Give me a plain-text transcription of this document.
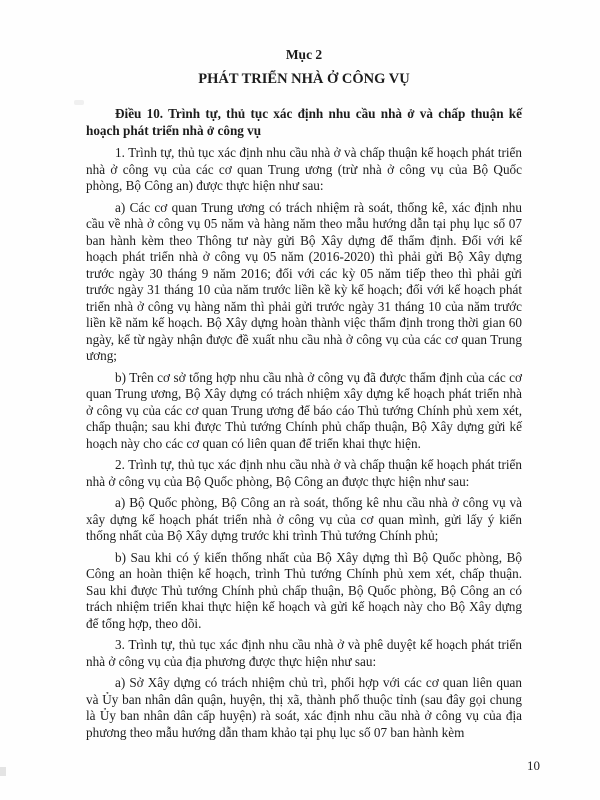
Mục 2
PHÁT TRIỂN NHÀ Ở CÔNG VỤ

Điều 10. Trình tự, thủ tục xác định nhu cầu nhà ở và chấp thuận kế hoạch phát triển nhà ở công vụ

1. Trình tự, thủ tục xác định nhu cầu nhà ở và chấp thuận kế hoạch phát triển nhà ở công vụ của các cơ quan Trung ương (trừ nhà ở công vụ của Bộ Quốc phòng, Bộ Công an) được thực hiện như sau:

a) Các cơ quan Trung ương có trách nhiệm rà soát, thống kê, xác định nhu cầu về nhà ở công vụ 05 năm và hàng năm theo mẫu hướng dẫn tại phụ lục số 07 ban hành kèm theo Thông tư này gửi Bộ Xây dựng để thẩm định. Đối với kế hoạch phát triển nhà ở công vụ 05 năm (2016-2020) thì phải gửi Bộ Xây dựng trước ngày 30 tháng 9 năm 2016; đối với các kỳ 05 năm tiếp theo thì phải gửi trước ngày 31 tháng 10 của năm trước liền kề kỳ kế hoạch; đối với kế hoạch phát triển nhà ở công vụ hàng năm thì phải gửi trước ngày 31 tháng 10 của năm trước liền kề năm kế hoạch. Bộ Xây dựng hoàn thành việc thẩm định trong thời gian 60 ngày, kể từ ngày nhận được đề xuất nhu cầu nhà ở công vụ của các cơ quan Trung ương;

b) Trên cơ sở tổng hợp nhu cầu nhà ở công vụ đã được thẩm định của các cơ quan Trung ương, Bộ Xây dựng có trách nhiệm xây dựng kế hoạch phát triển nhà ở công vụ của các cơ quan Trung ương để báo cáo Thủ tướng Chính phủ xem xét, chấp thuận; sau khi được Thủ tướng Chính phủ chấp thuận, Bộ Xây dựng gửi kế hoạch này cho các cơ quan có liên quan để triển khai thực hiện.

2. Trình tự, thủ tục xác định nhu cầu nhà ở và chấp thuận kế hoạch phát triển nhà ở công vụ của Bộ Quốc phòng, Bộ Công an được thực hiện như sau:

a) Bộ Quốc phòng, Bộ Công an rà soát, thống kê nhu cầu nhà ở công vụ và xây dựng kế hoạch phát triển nhà ở công vụ của cơ quan mình, gửi lấy ý kiến thống nhất của Bộ Xây dựng trước khi trình Thủ tướng Chính phủ;

b) Sau khi có ý kiến thống nhất của Bộ Xây dựng thì Bộ Quốc phòng, Bộ Công an hoàn thiện kế hoạch, trình Thủ tướng Chính phủ xem xét, chấp thuận. Sau khi được Thủ tướng Chính phủ chấp thuận, Bộ Quốc phòng, Bộ Công an có trách nhiệm triển khai thực hiện kế hoạch và gửi kế hoạch này cho Bộ Xây dựng để tổng hợp, theo dõi.

3. Trình tự, thủ tục xác định nhu cầu nhà ở và phê duyệt kế hoạch phát triển nhà ở công vụ của địa phương được thực hiện như sau:

a) Sở Xây dựng có trách nhiệm chủ trì, phối hợp với các cơ quan liên quan và Ủy ban nhân dân quận, huyện, thị xã, thành phố thuộc tỉnh (sau đây gọi chung là Ủy ban nhân dân cấp huyện) rà soát, xác định nhu cầu nhà ở công vụ của địa phương theo mẫu hướng dẫn tham khảo tại phụ lục số 07 ban hành kèm

10
